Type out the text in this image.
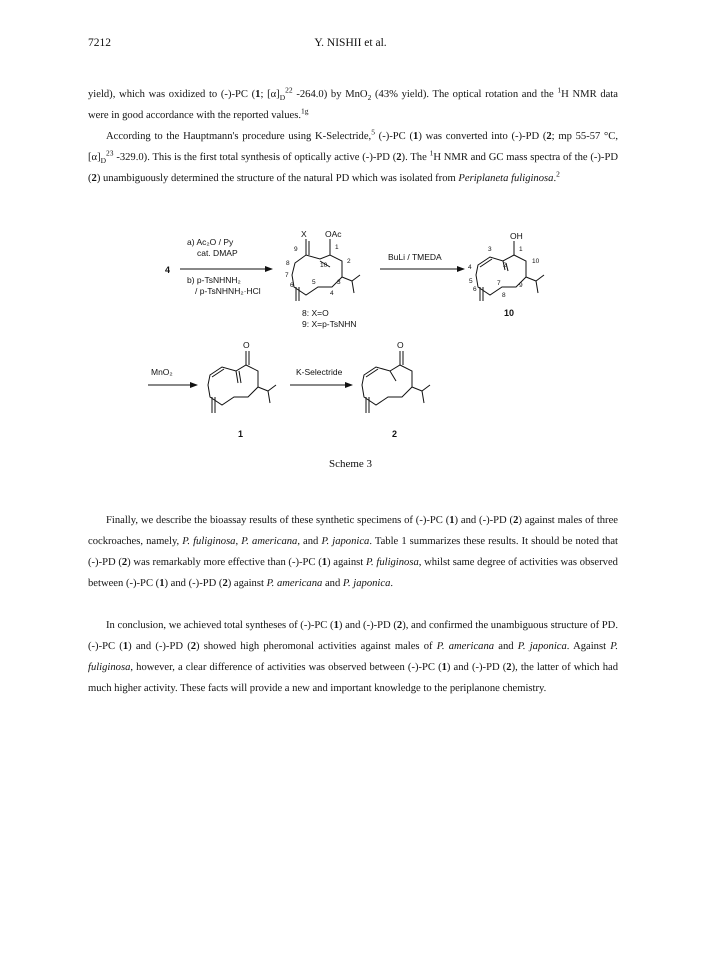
7212	Y. NISHII et al.
yield), which was oxidized to (-)-PC (1; $[\alpha]_D^{22}$ -264.0) by MnO$_2$ (43% yield). The optical rotation and the $^1$H NMR data were in good accordance with the reported values.$^{1g}$
According to the Hauptmann's procedure using K-Selectride,$^5$ (-)-PC (1) was converted into (-)-PD (2; mp 55-57 °C, $[\alpha]_D^{23}$ -329.0). This is the first total synthesis of optically active (-)-PD (2). The $^1$H NMR and GC mass spectra of the (-)-PD (2) unambiguously determined the structure of the natural PD which was isolated from Periplaneta fuliginosa.$^2$
4
a) Ac₂O / Py
cat. DMAP
b) p-TsNHNH₂
/ p-TsNHNH₂·HCl
X OAc
9	1
2
8	10
7
6	5	3
4
8: X=O
9: X=p-TsNHN
BuLi / TMEDA
OH
3	1
10
4	2
5
6
7
8
9
10
MnO₂
O
1
K-Selectride
O
2
Scheme 3
Finally, we describe the bioassay results of these synthetic specimens of (-)-PC (1) and (-)-PD (2) against males of three cockroaches, namely, P. fuliginosa, P. americana, and P. japonica. Table 1 summarizes these results. It should be noted that (-)-PD (2) was remarkably more effective than (-)-PC (1) against P. fuliginosa, whilst same degree of activities was observed between (-)-PC (1) and (-)-PD (2) against P. americana and P. japonica.
In conclusion, we achieved total syntheses of (-)-PC (1) and (-)-PD (2), and confirmed the unambiguous structure of PD. (-)-PC (1) and (-)-PD (2) showed high pheromonal activities against males of P. americana and P. japonica. Against P. fuliginosa, however, a clear difference of activities was observed between (-)-PC (1) and (-)-PD (2), the latter of which had much higher activity. These facts will provide a new and important knowledge to the periplanone chemistry.
